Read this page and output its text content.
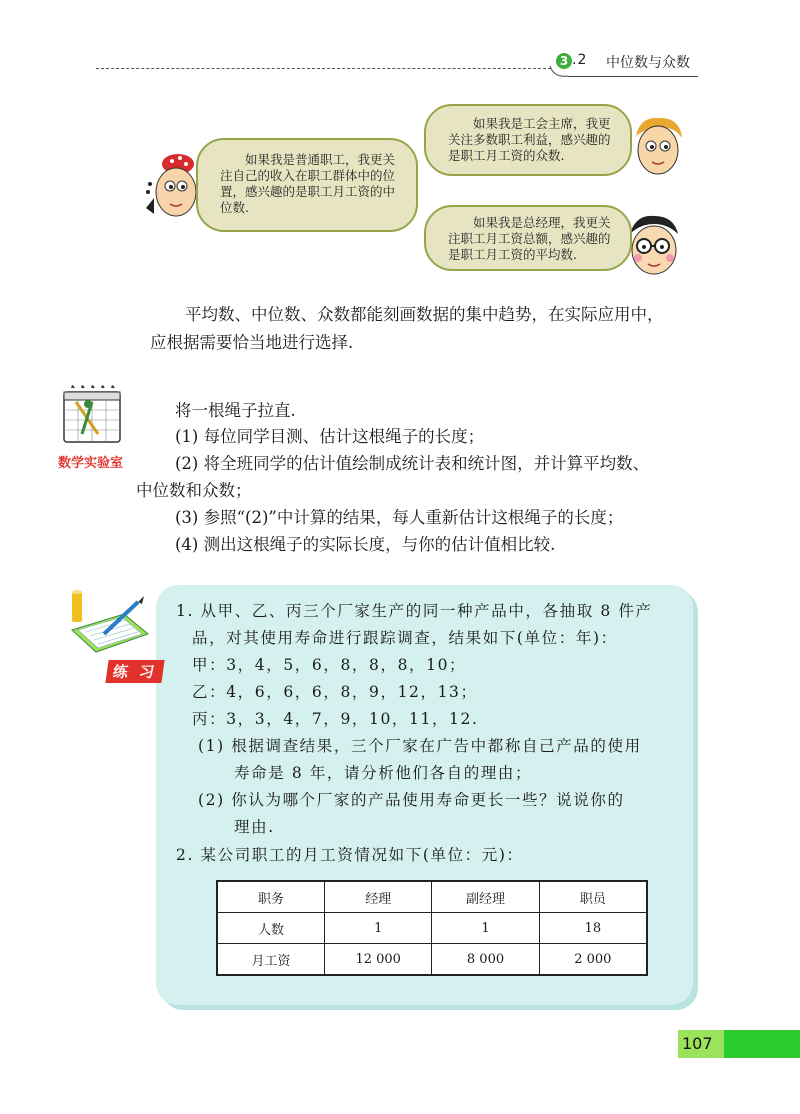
3 .2 中位数与众数
如果我是普通职工，我更关注自己的收入在职工群体中的位置，感兴趣的是职工月工资的中位数.
如果我是工会主席，我更关注多数职工利益，感兴趣的是职工月工资的众数.
如果我是总经理，我更关注职工月工资总额，感兴趣的是职工月工资的平均数.
平均数、中位数、众数都能刻画数据的集中趋势，在实际应用中，
应根据需要恰当地进行选择.
数学实验室
将一根绳子拉直.
(1) 每位同学目测、估计这根绳子的长度；
(2) 将全班同学的估计值绘制成统计表和统计图，并计算平均数、
中位数和众数；
(3) 参照“(2)”中计算的结果，每人重新估计这根绳子的长度；
(4) 测出这根绳子的实际长度，与你的估计值相比较.
练 习
1. 从甲、乙、丙三个厂家生产的同一种产品中，各抽取 8 件产
品，对其使用寿命进行跟踪调查，结果如下(单位：年)：
甲：3，4，5，6，8，8，8，10；
乙：4，6，6，6，8，9，12，13；
丙：3，3，4，7，9，10，11，12.
(1) 根据调查结果，三个厂家在广告中都称自己产品的使用
寿命是 8 年，请分析他们各自的理由；
(2) 你认为哪个厂家的产品使用寿命更长一些？说说你的
理由.
2. 某公司职工的月工资情况如下(单位：元)：
职务	经理	副经理	职员
人数	1	1	18
月工资	12 000	8 000	2 000
107
